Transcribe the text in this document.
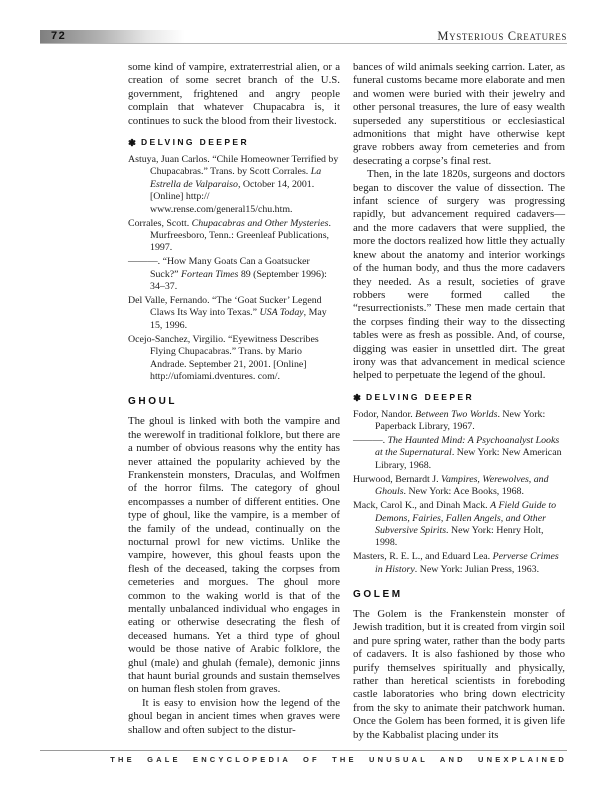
72	Mysterious Creatures

some kind of vampire, extraterrestrial alien, or a creation of some secret branch of the U.S. government, frightened and angry people complain that whatever Chupacabra is, it continues to suck the blood from their livestock.

❃ DELVING DEEPER
Astuya, Juan Carlos. “Chile Homeowner Terrified by Chupacabras.” Trans. by Scott Corrales. La Estrella de Valparaiso, October 14, 2001. [Online] http:// www.rense.com/general15/chu.htm.
Corrales, Scott. Chupacabras and Other Mysteries. Murfreesboro, Tenn.: Greenleaf Publications, 1997.
———. “How Many Goats Can a Goatsucker Suck?” Fortean Times 89 (September 1996): 34–37.
Del Valle, Fernando. “The ‘Goat Sucker’ Legend Claws Its Way into Texas.” USA Today, May 15, 1996.
Ocejo-Sanchez, Virgilio. “Eyewitness Describes Flying Chupacabras.” Trans. by Mario Andrade. September 21, 2001. [Online] http://ufomiami.dventures. com/.
GHOUL

The ghoul is linked with both the vampire and the werewolf in traditional folklore, but there are a number of obvious reasons why the entity has never attained the popularity achieved by the Frankenstein monsters, Draculas, and Wolfmen of the horror films. The category of ghoul encompasses a number of different entities. One type of ghoul, like the vampire, is a member of the family of the undead, continually on the nocturnal prowl for new victims. Unlike the vampire, however, this ghoul feasts upon the flesh of the deceased, taking the corpses from cemeteries and morgues. The ghoul more common to the waking world is that of the mentally unbalanced individual who engages in eating or otherwise desecrating the flesh of deceased humans. Yet a third type of ghoul would be those native of Arabic folklore, the ghul (male) and ghulah (female), demonic jinns that haunt burial grounds and sustain themselves on human flesh stolen from graves.

It is easy to envision how the legend of the ghoul began in ancient times when graves were shallow and often subject to the distur-

bances of wild animals seeking carrion. Later, as funeral customs became more elaborate and men and women were buried with their jewelry and other personal treasures, the lure of easy wealth superseded any superstitious or ecclesiastical admonitions that might have otherwise kept grave robbers away from cemeteries and from desecrating a corpse’s final rest.

Then, in the late 1820s, surgeons and doctors began to discover the value of dissection. The infant science of surgery was progressing rapidly, but advancement required cadavers—and the more cadavers that were supplied, the more the doctors realized how little they actually knew about the anatomy and interior workings of the human body, and thus the more cadavers they needed. As a result, societies of grave robbers were formed called the “resurrectionists.” These men made certain that the corpses finding their way to the dissecting tables were as fresh as possible. And, of course, digging was easier in unsettled dirt. The great irony was that advancement in medical science helped to perpetuate the legend of the ghoul.

❃ DELVING DEEPER
Fodor, Nandor. Between Two Worlds. New York: Paperback Library, 1967.
———. The Haunted Mind: A Psychoanalyst Looks at the Supernatural. New York: New American Library, 1968.
Hurwood, Bernardt J. Vampires, Werewolves, and Ghouls. New York: Ace Books, 1968.
Mack, Carol K., and Dinah Mack. A Field Guide to Demons, Fairies, Fallen Angels, and Other Subversive Spirits. New York: Henry Holt, 1998.
Masters, R. E. L., and Eduard Lea. Perverse Crimes in History. New York: Julian Press, 1963.
GOLEM

The Golem is the Frankenstein monster of Jewish tradition, but it is created from virgin soil and pure spring water, rather than the body parts of cadavers. It is also fashioned by those who purify themselves spiritually and physically, rather than heretical scientists in foreboding castle laboratories who bring down electricity from the sky to animate their patchwork human. Once the Golem has been formed, it is given life by the Kabbalist placing under its

THE GALE ENCYCLOPEDIA OF THE UNUSUAL AND UNEXPLAINED
